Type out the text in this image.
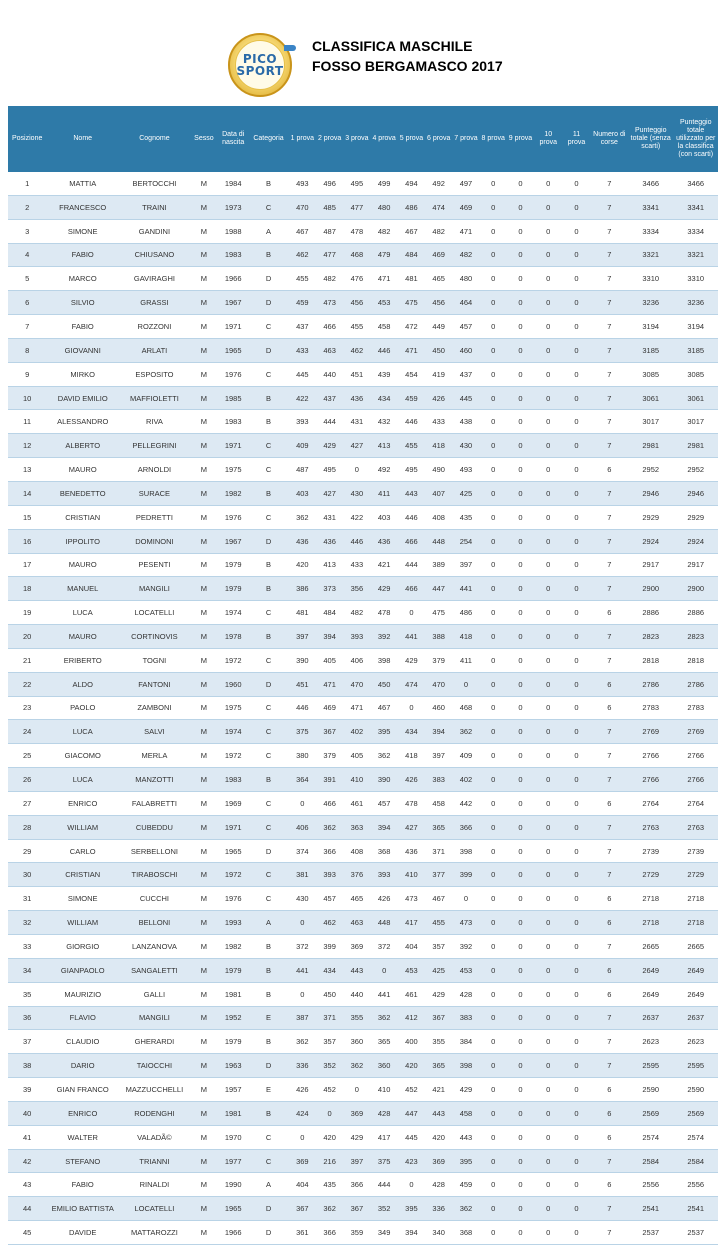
PICO
SPORT
CLASSIFICA MASCHILE
FOSSO BERGAMASCO 2017
Posizione	Nome	Cognome	Sesso	Data di nascita	Categoria	1 prova	2 prova	3 prova	4 prova	5 prova	6 prova	7 prova	8 prova	9 prova	10 prova	11 prova	Numero di corse	Punteggio totale (senza scarti)	Punteggio totale utilizzato per la classifica (con scarti)
1	MATTIA	BERTOCCHI	M	1984	B	493	496	495	499	494	492	497	0	0	0	0	7	3466	3466
2	FRANCESCO	TRAINI	M	1973	C	470	485	477	480	486	474	469	0	0	0	0	7	3341	3341
3	SIMONE	GANDINI	M	1988	A	467	487	478	482	467	482	471	0	0	0	0	7	3334	3334
4	FABIO	CHIUSANO	M	1983	B	462	477	468	479	484	469	482	0	0	0	0	7	3321	3321
5	MARCO	GAVIRAGHI	M	1966	D	455	482	476	471	481	465	480	0	0	0	0	7	3310	3310
6	SILVIO	GRASSI	M	1967	D	459	473	456	453	475	456	464	0	0	0	0	7	3236	3236
7	FABIO	ROZZONI	M	1971	C	437	466	455	458	472	449	457	0	0	0	0	7	3194	3194
8	GIOVANNI	ARLATI	M	1965	D	433	463	462	446	471	450	460	0	0	0	0	7	3185	3185
9	MIRKO	ESPOSITO	M	1976	C	445	440	451	439	454	419	437	0	0	0	0	7	3085	3085
10	DAVID EMILIO	MAFFIOLETTI	M	1985	B	422	437	436	434	459	426	445	0	0	0	0	7	3061	3061
11	ALESSANDRO	RIVA	M	1983	B	393	444	431	432	446	433	438	0	0	0	0	7	3017	3017
12	ALBERTO	PELLEGRINI	M	1971	C	409	429	427	413	455	418	430	0	0	0	0	7	2981	2981
13	MAURO	ARNOLDI	M	1975	C	487	495	0	492	495	490	493	0	0	0	0	6	2952	2952
14	BENEDETTO	SURACE	M	1982	B	403	427	430	411	443	407	425	0	0	0	0	7	2946	2946
15	CRISTIAN	PEDRETTI	M	1976	C	362	431	422	403	446	408	435	0	0	0	0	7	2929	2929
16	IPPOLITO	DOMINONI	M	1967	D	436	436	446	436	466	448	254	0	0	0	0	7	2924	2924
17	MAURO	PESENTI	M	1979	B	420	413	433	421	444	389	397	0	0	0	0	7	2917	2917
18	MANUEL	MANGILI	M	1979	B	386	373	356	429	466	447	441	0	0	0	0	7	2900	2900
19	LUCA	LOCATELLI	M	1974	C	481	484	482	478	0	475	486	0	0	0	0	6	2886	2886
20	MAURO	CORTINOVIS	M	1978	B	397	394	393	392	441	388	418	0	0	0	0	7	2823	2823
21	ERIBERTO	TOGNI	M	1972	C	390	405	406	398	429	379	411	0	0	0	0	7	2818	2818
22	ALDO	FANTONI	M	1960	D	451	471	470	450	474	470	0	0	0	0	0	6	2786	2786
23	PAOLO	ZAMBONI	M	1975	C	446	469	471	467	0	460	468	0	0	0	0	6	2783	2783
24	LUCA	SALVI	M	1974	C	375	367	402	395	434	394	362	0	0	0	0	7	2769	2769
25	GIACOMO	MERLA	M	1972	C	380	379	405	362	418	397	409	0	0	0	0	7	2766	2766
26	LUCA	MANZOTTI	M	1983	B	364	391	410	390	426	383	402	0	0	0	0	7	2766	2766
27	ENRICO	FALABRETTI	M	1969	C	0	466	461	457	478	458	442	0	0	0	0	6	2764	2764
28	WILLIAM	CUBEDDU	M	1971	C	406	362	363	394	427	365	366	0	0	0	0	7	2763	2763
29	CARLO	SERBELLONI	M	1965	D	374	366	408	368	436	371	398	0	0	0	0	7	2739	2739
30	CRISTIAN	TIRABOSCHI	M	1972	C	381	393	376	393	410	377	399	0	0	0	0	7	2729	2729
31	SIMONE	CUCCHI	M	1976	C	430	457	465	426	473	467	0	0	0	0	0	6	2718	2718
32	WILLIAM	BELLONI	M	1993	A	0	462	463	448	417	455	473	0	0	0	0	6	2718	2718
33	GIORGIO	LANZANOVA	M	1982	B	372	399	369	372	404	357	392	0	0	0	0	7	2665	2665
34	GIANPAOLO	SANGALETTI	M	1979	B	441	434	443	0	453	425	453	0	0	0	0	6	2649	2649
35	MAURIZIO	GALLI	M	1981	B	0	450	440	441	461	429	428	0	0	0	0	6	2649	2649
36	FLAVIO	MANGILI	M	1952	E	387	371	355	362	412	367	383	0	0	0	0	7	2637	2637
37	CLAUDIO	GHERARDI	M	1979	B	362	357	360	365	400	355	384	0	0	0	0	7	2623	2623
38	DARIO	TAIOCCHI	M	1963	D	336	352	362	360	420	365	398	0	0	0	0	7	2595	2595
39	GIAN FRANCO	MAZZUCCHELLI	M	1957	E	426	452	0	410	452	421	429	0	0	0	0	6	2590	2590
40	ENRICO	RODENGHI	M	1981	B	424	0	369	428	447	443	458	0	0	0	0	6	2569	2569
41	WALTER	VALADÃ©	M	1970	C	0	420	429	417	445	420	443	0	0	0	0	6	2574	2574
42	STEFANO	TRIANNI	M	1977	C	369	216	397	375	423	369	395	0	0	0	0	7	2584	2584
43	FABIO	RINALDI	M	1990	A	404	435	366	444	0	428	459	0	0	0	0	6	2556	2556
44	EMILIO BATTISTA	LOCATELLI	M	1965	D	367	362	367	352	395	336	362	0	0	0	0	7	2541	2541
45	DAVIDE	MATTAROZZI	M	1966	D	361	366	359	349	394	340	368	0	0	0	0	7	2537	2537
